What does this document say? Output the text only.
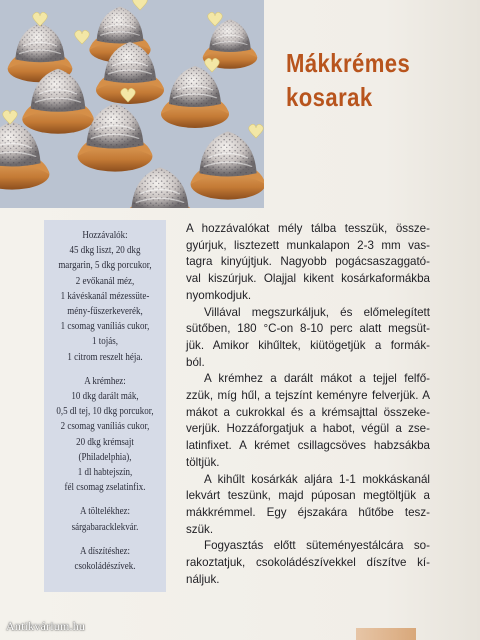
Mákkrémes
kosarak
Hozzávalók:
45 dkg liszt, 20 dkg
margarin, 5 dkg porcukor,
2 evőkanál méz,
1 kávéskanál mézessüte-
mény-fűszerkeverék,
1 csomag vaníliás cukor,
1 tojás,
1 citrom reszelt héja.
A krémhez:
10 dkg darált mák,
0,5 dl tej, 10 dkg porcukor,
2 csomag vaníliás cukor,
20 dkg krémsajt
(Philadelphia),
1 dl habtejszín,
fél csomag zselatinfix.
A töltelékhez:
sárgabaracklekvár.
A díszítéshez:
csokoládészívek.
A hozzávalókat mély tálba tesszük, össze-
gyúrjuk, lisztezett munkalapon 2-3 mm vas-
tagra kinyújtjuk. Nagyobb pogácsaszaggató-
val kiszúrjuk. Olajjal kikent kosárkaformákba
nyomkodjuk.
Villával megszurkáljuk, és előmelegített
sütőben, 180 °C-on 8-10 perc alatt megsüt-
jük. Amikor kihűltek, kiütögetjük a formák-
ból.
A krémhez a darált mákot a tejjel felfő-
zzük, míg hűl, a tejszínt keményre felverjük. A
mákot a cukrokkal és a krémsajttal összeke-
verjük. Hozzáforgatjuk a habot, végül a zse-
latinfixet. A krémet csillagcsöves habzsákba
töltjük.
A kihűlt kosárkák aljára 1-1 mokkáskanál
lekvárt teszünk, majd púposan megtöltjük a
mákkrémmel. Egy éjszakára hűtőbe tesz-
szük.
Fogyasztás előtt süteményestálcára so-
rakoztatjuk, csokoládészívekkel díszítve kí-
náljuk.
Antikvárium.hu
